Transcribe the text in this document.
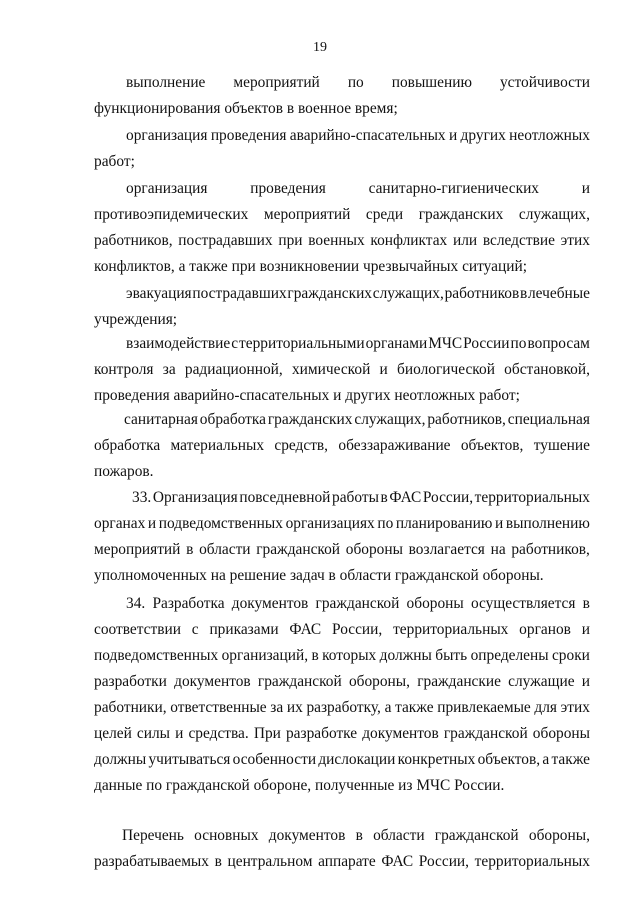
19
выполнение мероприятий по повышению устойчивости
функционирования объектов в военное время;
организация проведения аварийно-спасательных и других неотложных
работ;
организация	проведения	санитарно-гигиенических	и
противоэпидемических мероприятий среди гражданских служащих,
работников, пострадавших при военных конфликтах или вследствие этих
конфликтов, а также при возникновении чрезвычайных ситуаций;
эвакуация пострадавших гражданских служащих, работников в лечебные
учреждения;
взаимодействие с территориальными органами МЧС России по вопросам
контроля за радиационной, химической и биологической обстановкой,
проведения аварийно-спасательных и других неотложных работ;
санитарная обработка гражданских служащих, работников, специальная
обработка материальных средств, обеззараживание объектов, тушение
пожаров.
33. Организация повседневной работы в ФАС России, территориальных
органах и подведомственных организациях по планированию и выполнению
мероприятий в области гражданской обороны возлагается на работников,
уполномоченных на решение задач в области гражданской обороны.
34. Разработка документов гражданской обороны осуществляется в
соответствии с приказами ФАС России, территориальных органов и
подведомственных организаций, в которых должны быть определены сроки
разработки документов гражданской обороны, гражданские служащие и
работники, ответственные за их разработку, а также привлекаемые для этих
целей силы и средства. При разработке документов гражданской обороны
должны учитываться особенности дислокации конкретных объектов, а также
данные по гражданской обороне, полученные из МЧС России.
Перечень основных документов в области гражданской обороны,
разрабатываемых в центральном аппарате ФАС России, территориальных
